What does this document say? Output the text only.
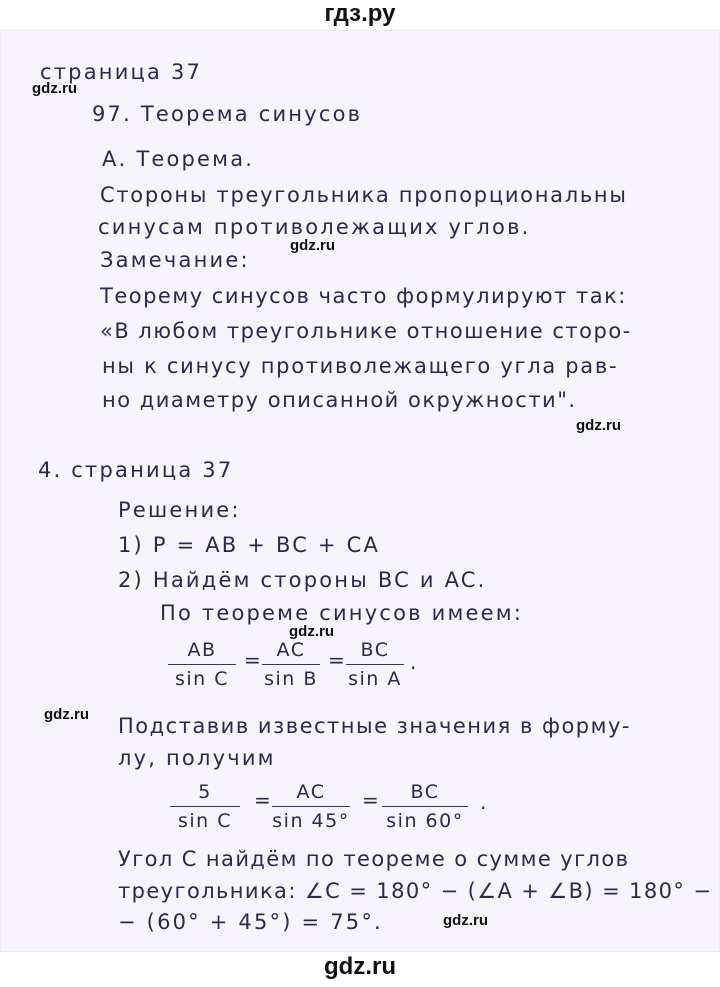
гдз.ру
gdz.ru
gdz.ru
gdz.ru
gdz.ru
gdz.ru
gdz.ru
страница 37
97. Теорема синусов
А. Теорема.
Стороны треугольника пропорциональны
синусам противолежащих углов.
Замечание:
Теорему синусов часто формулируют так:
«В любом треугольнике отношение сторо-
ны к синусу противолежащего угла рав-
но диаметру описанной окружности".
4. страница 37
Решение:
1) P = AB + BC + CA
2) Найдём стороны BC и AC.
По теореме синусов имеем:
AB
sin C
= AC
sin B
= BC
sin A
.
Подставив известные значения в форму-
лу, получим
5
sin C
=	AC
sin 45°
=	BC
sin 60°
.
Угол С найдём по теореме о сумме углов
треугольника: ∠C = 180° − (∠A + ∠B) = 180° −
− (60° + 45°) = 75°.
gdz.ru
